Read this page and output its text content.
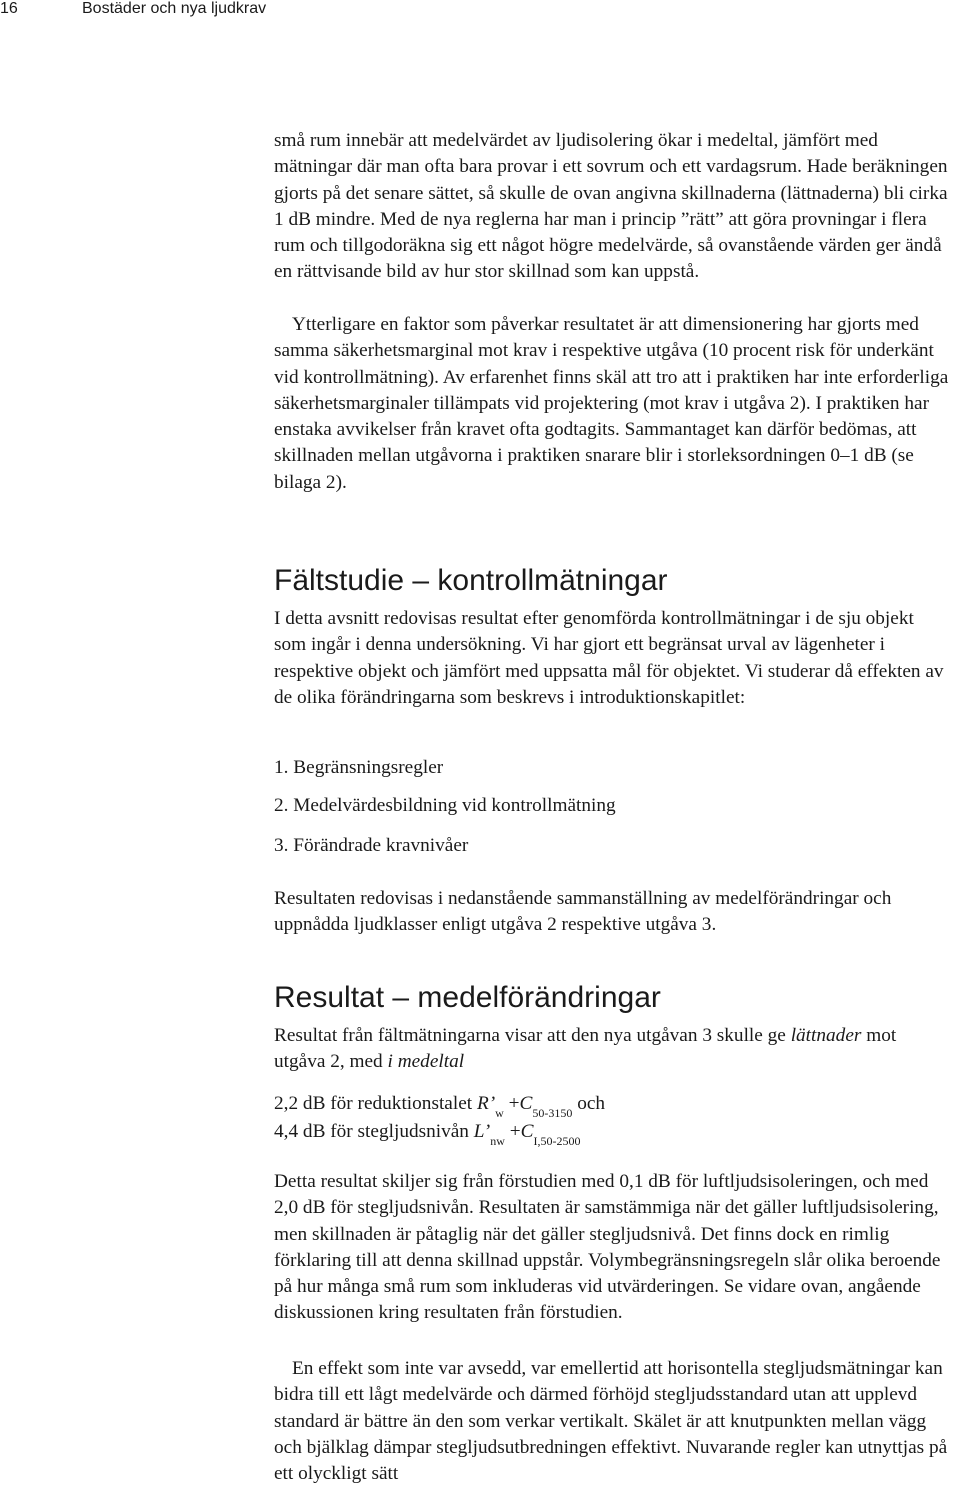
16	Bostäder och nya ljudkrav

små rum innebär att medelvärdet av ljudisolering ökar i medeltal, jämfört med mätningar där man ofta bara provar i ett sovrum och ett vardagsrum. Hade beräkningen gjorts på det senare sättet, så skulle de ovan angivna skillnaderna (lättnaderna) bli cirka 1 dB mindre. Med de nya reglerna har man i princip ”rätt” att göra provningar i flera rum och tillgodoräkna sig ett något högre medelvärde, så ovanstående värden ger ändå en rättvisande bild av hur stor skillnad som kan uppstå.

Ytterligare en faktor som påverkar resultatet är att dimensionering har gjorts med samma säkerhetsmarginal mot krav i respektive utgåva (10 procent risk för underkänt vid kontrollmätning). Av erfarenhet finns skäl att tro att i praktiken har inte erforderliga säkerhetsmarginaler tillämpats vid projektering (mot krav i utgåva 2). I praktiken har enstaka avvikelser från kravet ofta godtagits. Sammantaget kan därför bedömas, att skillnaden mellan utgåvorna i praktiken snarare blir i storleksordningen 0–1 dB (se bilaga 2).

Fältstudie – kontrollmätningar

I detta avsnitt redovisas resultat efter genomförda kontrollmätningar i de sju objekt som ingår i denna undersökning. Vi har gjort ett begränsat urval av lägenheter i respektive objekt och jämfört med uppsatta mål för objektet. Vi studerar då effekten av de olika förändringarna som beskrevs i introduktionskapitlet:

1. Begränsningsregler

2. Medelvärdesbildning vid kontrollmätning

3. Förändrade kravnivåer

Resultaten redovisas i nedanstående sammanställning av medelförändringar och uppnådda ljudklasser enligt utgåva 2 respektive utgåva 3.

Resultat – medelförändringar

Resultat från fältmätningarna visar att den nya utgåvan 3 skulle ge lättnader mot utgåva 2, med i medeltal

2,2 dB för reduktionstalet $R’_w +C_{50-3150}$ och

4,4 dB för stegljudsnivån $L’_{nw} +C_{I,50-2500}$

Detta resultat skiljer sig från förstudien med 0,1 dB för luftljudsisoleringen, och med 2,0 dB för stegljudsnivån. Resultaten är samstämmiga när det gäller luftljudsisolering, men skillnaden är påtaglig när det gäller stegljudsnivå. Det finns dock en rimlig förklaring till att denna skillnad uppstår. Volymbegränsningsregeln slår olika beroende på hur många små rum som inkluderas vid utvärderingen. Se vidare ovan, angående diskussionen kring resultaten från förstudien.

En effekt som inte var avsedd, var emellertid att horisontella stegljudsmätningar kan bidra till ett lågt medelvärde och därmed förhöjd stegljudsstandard utan att upplevd standard är bättre än den som verkar vertikalt. Skälet är att knutpunkten mellan vägg och bjälklag dämpar stegljudsutbredningen effektivt. Nuvarande regler kan utnyttjas på ett olyckligt sätt
